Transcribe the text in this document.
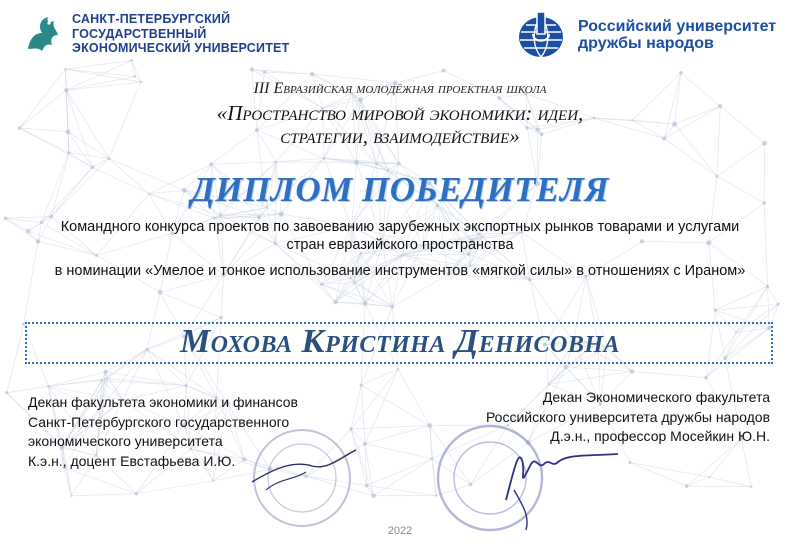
САНКТ-ПЕТЕРБУРГСКИЙ
ГОСУДАРСТВЕННЫЙ
ЭКОНОМИЧЕСКИЙ УНИВЕРСИТЕТ
Российский университет
дружбы народов
III Евразийская молодёжная проектная школа
«Пространство мировой экономики: идеи,
стратегии, взаимодействие»
ДИПЛОМ ПОБЕДИТЕЛЯ
Командного конкурса проектов по завоеванию зарубежных экспортных рынков товарами и услугами
стран евразийского пространства
в номинации «Умелое и тонкое использование инструментов «мягкой силы» в отношениях с Ираном»
Мохова Кристина Денисовна
Декан факультета экономики и финансов
Санкт-Петербургского государственного
экономического университета
К.э.н., доцент Евстафьева И.Ю.
Декан Экономического факультета
Российского университета дружбы народов
Д.э.н., профессор Мосейкин Ю.Н.
2022
